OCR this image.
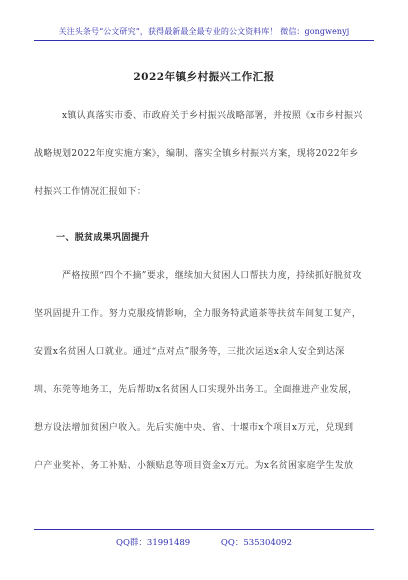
关注头条号“公文研究”，获得最新最全最专业的公文资料库！ 微信：gongwenyj
2022年镇乡村振兴工作汇报
x镇认真落实市委、市政府关于乡村振兴战略部署，并按照《x市乡村振兴
战略规划2022年度实施方案》，编制、落实全镇乡村振兴方案，现将2022年乡
村振兴工作情况汇报如下：
一、脱贫成果巩固提升
严格按照“四个不摘”要求，继续加大贫困人口帮扶力度，持续抓好脱贫攻
坚巩固提升工作。努力克服疫情影响，全力服务特武道茶等扶贫车间复工复产，
安置x名贫困人口就业。通过“点对点”服务等，三批次运送x余人安全到达深
圳、东莞等地务工，先后帮助x名贫困人口实现外出务工。全面推进产业发展，
想方设法增加贫困户收入。先后实施中央、省、十堰市x个项目x万元，兑现到
户产业奖补、务工补贴、小额贴息等项目资金x万元。为x名贫困家庭学生发放
QQ群：31991489	QQ：535304092
